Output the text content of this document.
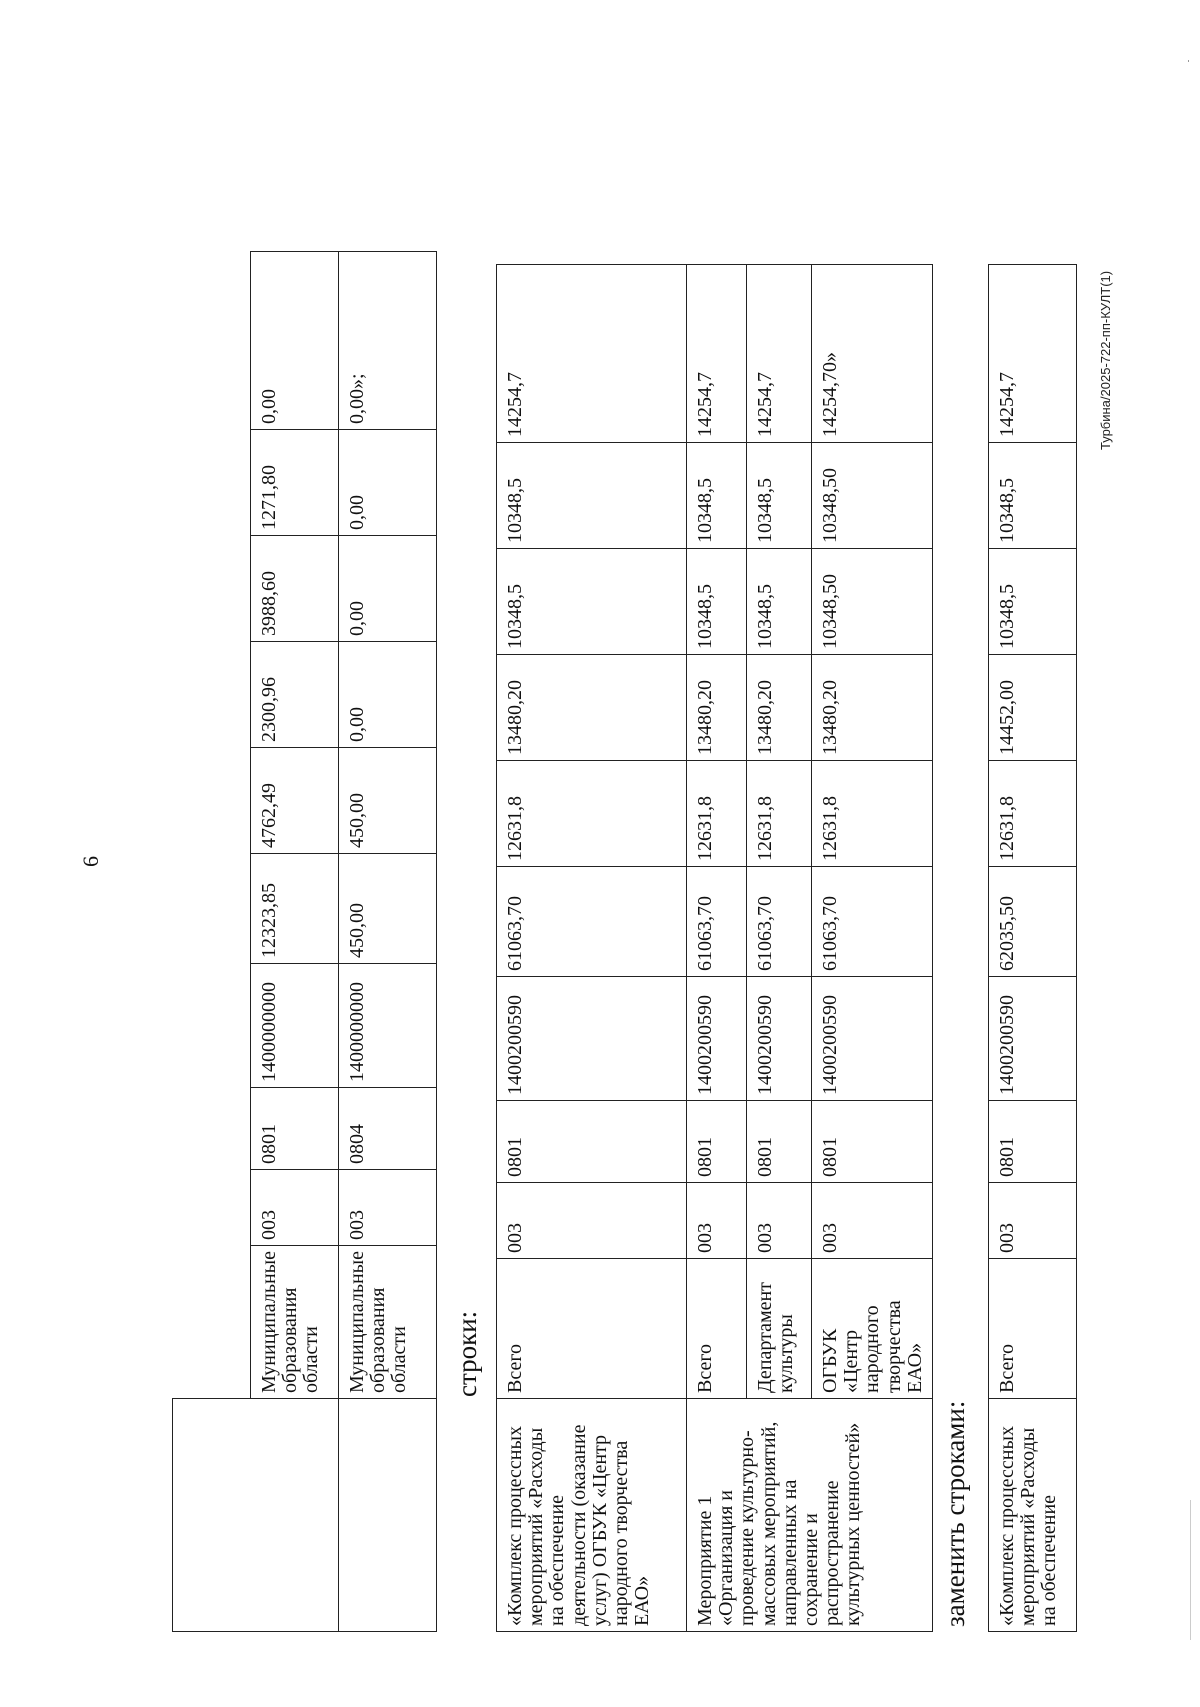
6

	Муниципальные образования области	003	0801	1400000000	12323,85	4762,49	2300,96	3988,60	1271,80	0,00
	Муниципальные образования области	003	0804	1400000000	450,00	450,00	0,00	0,00	0,00	0,00»;
строки:
«Комплекс процессных мероприятий «Расходы на обеспечение деятельности (оказание услуг) ОГБУК «Центр народного творчества ЕАО»	Всего	003	0801	1400200590	61063,70	12631,8	13480,20	10348,5	10348,5	14254,7
Мероприятие 1 «Организация и проведение культурно-массовых мероприятий, направленных на сохранение и распространение культурных ценностей»	Всего	003	0801	1400200590	61063,70	12631,8	13480,20	10348,5	10348,5	14254,7
	Департамент культуры	003	0801	1400200590	61063,70	12631,8	13480,20	10348,5	10348,5	14254,7
	ОГБУК «Центр народного творчества ЕАО»	003	0801	1400200590	61063,70	12631,8	13480,20	10348,50	10348,50	14254,70»
заменить строками: «Комплекс процессных мероприятий «Расходы на обеспечение	Всего	003	0801	1400200590	62035,50	12631,8	14452,00	10348,5	10348,5	14254,7	Турбина/2025-722-пп-КУЛТ(1)
